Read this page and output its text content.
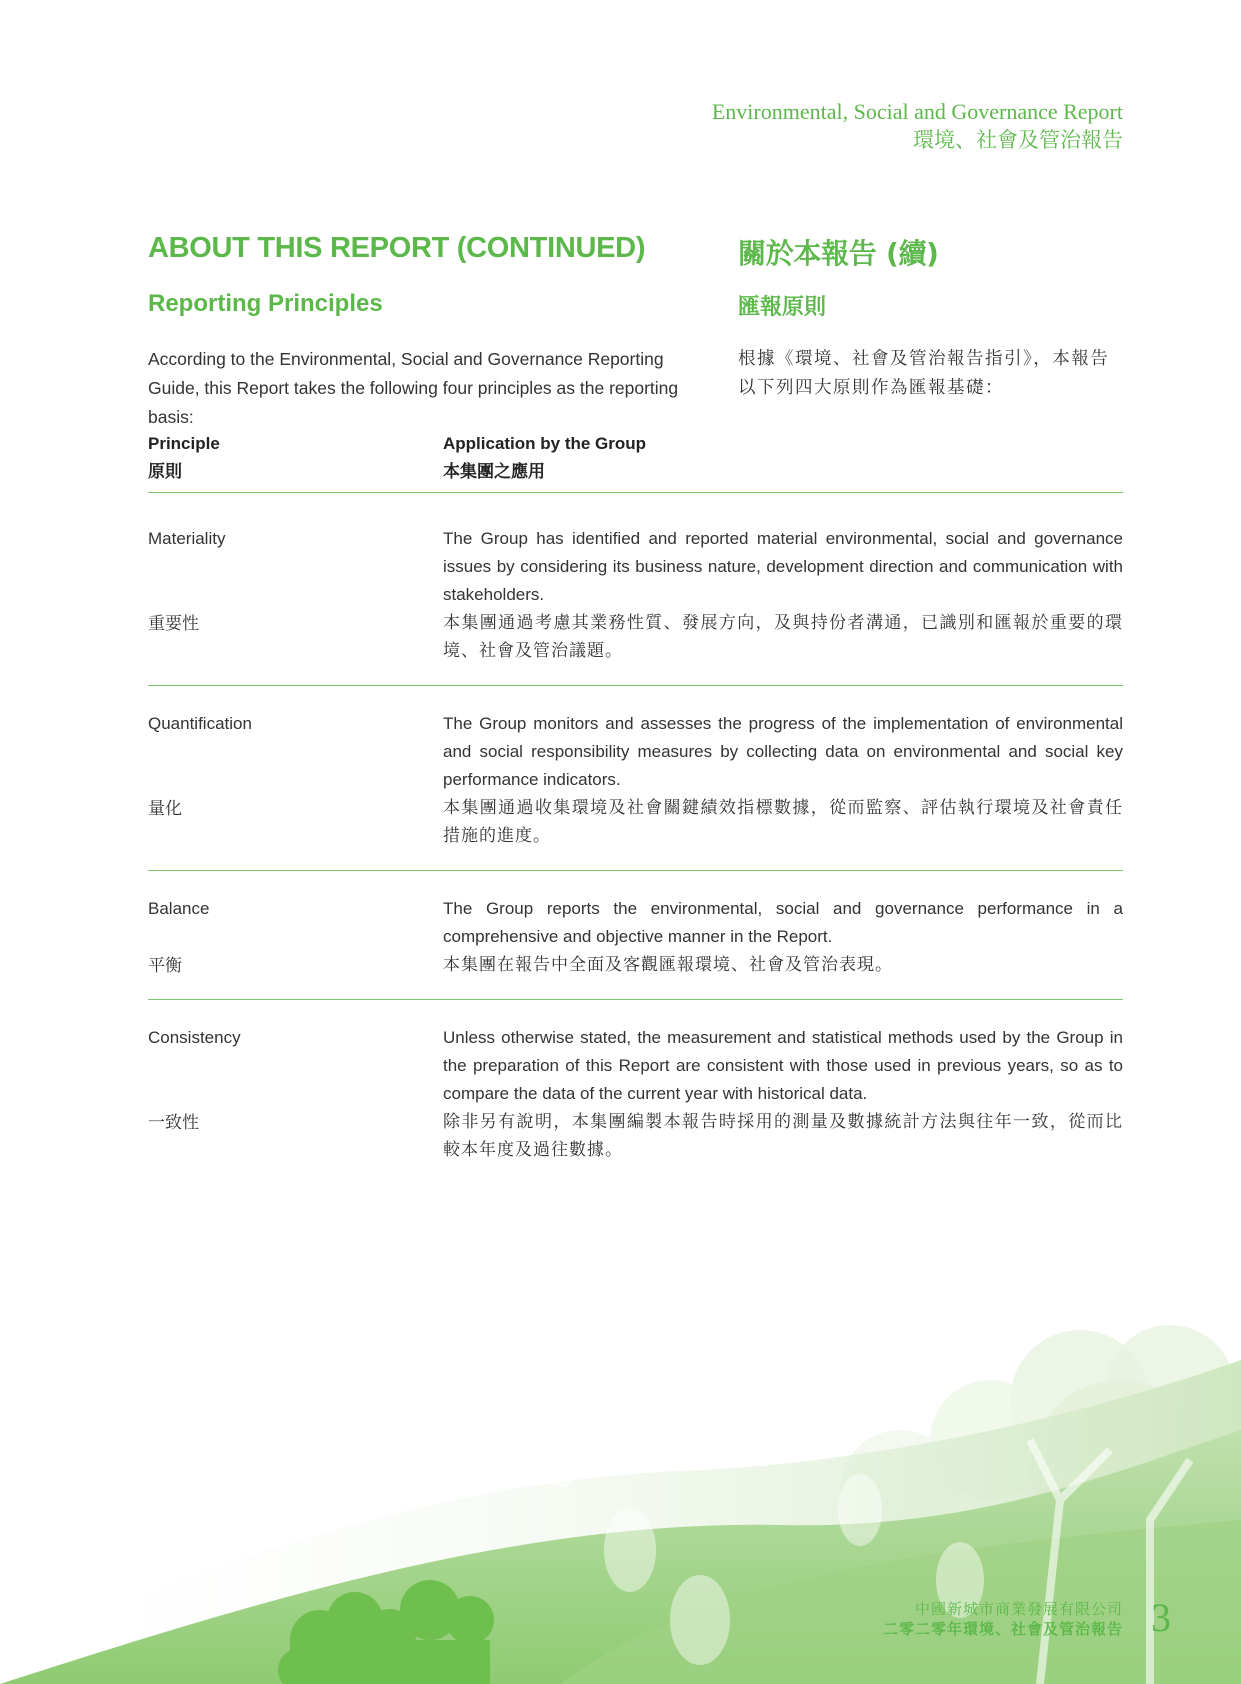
Environmental, Social and Governance Report
環境、社會及管治報告
ABOUT THIS REPORT (CONTINUED)	關於本報告 (續)
Reporting Principles	匯報原則
According to the Environmental, Social and Governance Reporting Guide, this Report takes the following four principles as the reporting basis:
根據《環境、社會及管治報告指引》，本報告以下列四大原則作為匯報基礎：
Principle
原則
Application by the Group
本集團之應用
Materiality
重要性
The Group has identified and reported material environmental, social and governance issues by considering its business nature, development direction and communication with stakeholders.
本集團通過考慮其業務性質、發展方向，及與持份者溝通，已識別和匯報於重要的環境、社會及管治議題。
Quantification
量化
The Group monitors and assesses the progress of the implementation of environmental and social responsibility measures by collecting data on environmental and social key performance indicators.
本集團通過收集環境及社會關鍵績效指標數據，從而監察、評估執行環境及社會責任措施的進度。
Balance
平衡
The Group reports the environmental, social and governance performance in a comprehensive and objective manner in the Report.
本集團在報告中全面及客觀匯報環境、社會及管治表現。
Consistency
一致性
Unless otherwise stated, the measurement and statistical methods used by the Group in the preparation of this Report are consistent with those used in previous years, so as to compare the data of the current year with historical data.
除非另有說明，本集團編製本報告時採用的測量及數據統計方法與往年一致，從而比較本年度及過往數據。
中國新城市商業發展有限公司
二零二零年環境、社會及管治報告 3
